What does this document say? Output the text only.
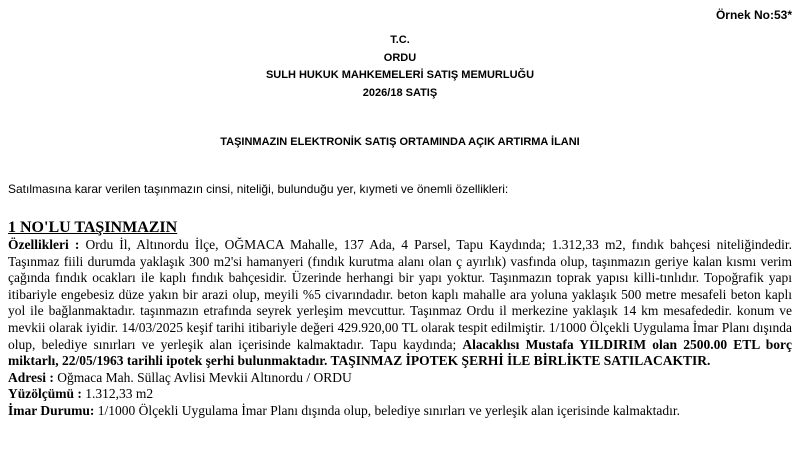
Örnek No:53*
T.C.
ORDU
SULH HUKUK MAHKEMELERİ SATIŞ MEMURLUĞU
2026/18 SATIŞ
TAŞINMAZIN ELEKTRONİK SATIŞ ORTAMINDA AÇIK ARTIRMA İLANI
Satılmasına karar verilen taşınmazın cinsi, niteliği, bulunduğu yer, kıymeti ve önemli özellikleri:
1 NO'LU TAŞINMAZIN

Özellikleri : Ordu İl, Altınordu İlçe, OĞMACA Mahalle, 137 Ada, 4 Parsel, Tapu Kaydında; 1.312,33 m2, fındık bahçesi niteliğindedir. Taşınmaz fiili durumda yaklaşık 300 m2'si hamanyeri (fındık kurutma alanı olan ç ayırlık) vasfında olup, taşınmazın geriye kalan kısmı verim çağında fındık ocakları ile kaplı fındık bahçesidir. Üzerinde herhangi bir yapı yoktur. Taşınmazın toprak yapısı killi-tınlıdır. Topoğrafik yapı itibariyle engebesiz düze yakın bir arazi olup, meyili %5 civarındadır. beton kaplı mahalle ara yoluna yaklaşık 500 metre mesafeli beton kaplı yol ile bağlanmaktadır. taşınmazın etrafında seyrek yerleşim mevcuttur. Taşınmaz Ordu il merkezine yaklaşık 14 km mesafededir. konum ve mevkii olarak iyidir. 14/03/2025 keşif tarihi itibariyle değeri 429.920,00 TL olarak tespit edilmiştir. 1/1000 Ölçekli Uygulama İmar Planı dışında olup, belediye sınırları ve yerleşik alan içerisinde kalmaktadır. Tapu kaydında; Alacaklısı Mustafa YILDIRIM olan 2500.00 ETL borç miktarlı, 22/05/1963 tarihli ipotek şerhi bulunmaktadır. TAŞINMAZ İPOTEK ŞERHİ İLE BİRLİKTE SATILACAKTIR.

Adresi : Oğmaca Mah. Süllaç Avlisi Mevkii Altınordu / ORDU

Yüzölçümü : 1.312,33 m2

İmar Durumu: 1/1000 Ölçekli Uygulama İmar Planı dışında olup, belediye sınırları ve yerleşik alan içerisinde kalmaktadır.
